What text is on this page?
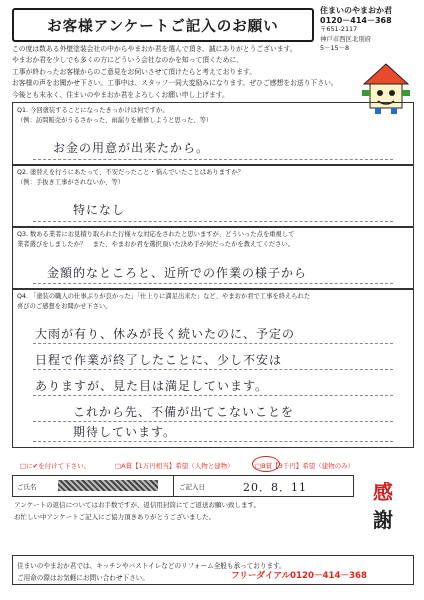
お客様アンケートご記入のお願い
住まいのやまおか君
0120－414－368
〒651-2117
神戸市西区北別府
5－15－8
この度は数ある外壁塗装会社の中からやまおか君を選んで頂き、誠にありがとうございます。
やまおか君を少しでも多くの方にどういう会社なのかを知って頂くために、
工事が終わったお客様からのご意見をお伺いさせて頂けたらと考えております。
お客様の声をお聞かせ下さい。工事中は、スタッフ一同大変励みになります。ぜひご感想をお送り下さい。
今後とも末永く、住まいのやまおか君をよろしくお願い申し上げます。
Q1. 今回塗装することになったきっかけは何ですか。
（例：訪問販売がうるさかった、雨漏りを補修しようと思った、等）
お金の用意が出来たから。
Q2. 塗替えを行うにあたって、不安だったこと・悩んでいたことはありますか？
（例：手抜き工事がされないか、等）
特になし
Q3. 数ある業者にお見積り取られた行様々な対応をされたと思いますが、どういった点を重視して
業者選びをしましたか？　また、やまおか君を選択頂いた決め手が何だったかを教えてください。
金額的なところと、近所での作業の様子から
Q4. 「塗装の職人の仕事ぶりが良かった」「仕上りに満足出来た」など、やまおか君で工事を終えられた
喜びのご感想をお聞かせ下さい。
大雨が有り、休みが長く続いたのに、予定の
日程で作業が終了したことに、少し不安は
ありますが、見た目は満足しています。
これから先、不備が出てこないことを
期待しています。
□に✔を付けて下さい。	□A賞【1万円相当】希望（人物と建物）	□B賞【3千円】希望（建物のみ）
ご氏名	ご記入日	20．8．11
アンケートの返信についてはお手数ですが、返信用封筒にてご返送お願い致します。
お忙しい中アンケートご記入にご協力頂きありがとうございました。
感
謝
住まいのやまおか君では、キッチンやバストイレなどのリフォーム全般も承っております。
ご用命の際はお気軽にお問い合わせ下さい。	フリーダイアル0120－414－368
